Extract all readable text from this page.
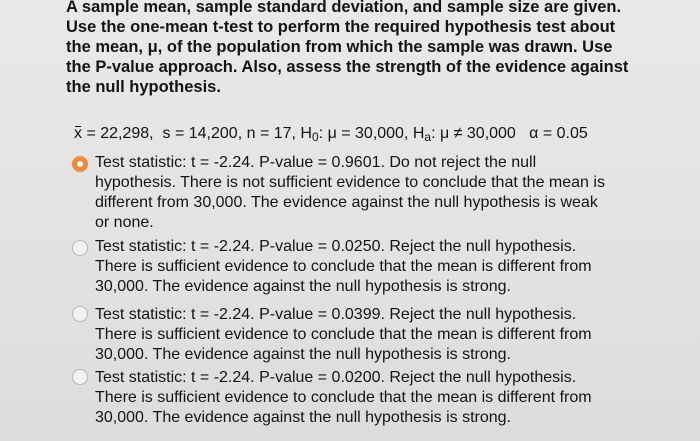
A sample mean, sample standard deviation, and sample size are given.
Use the one-mean t-test to perform the required hypothesis test about
the mean, μ, of the population from which the sample was drawn. Use
the P-value approach. Also, assess the strength of the evidence against
the null hypothesis.
x = 22,298, s = 14,200, n = 17, H0: μ = 30,000, Ha: μ ≠ 30,000 α = 0.05
Test statistic: t = -2.24. P-value = 0.9601. Do not reject the null
hypothesis. There is not sufficient evidence to conclude that the mean is
different from 30,000. The evidence against the null hypothesis is weak
or none.
Test statistic: t = -2.24. P-value = 0.0250. Reject the null hypothesis.
There is sufficient evidence to conclude that the mean is different from
30,000. The evidence against the null hypothesis is strong.
Test statistic: t = -2.24. P-value = 0.0399. Reject the null hypothesis.
There is sufficient evidence to conclude that the mean is different from
30,000. The evidence against the null hypothesis is strong.
Test statistic: t = -2.24. P-value = 0.0200. Reject the null hypothesis.
There is sufficient evidence to conclude that the mean is different from
30,000. The evidence against the null hypothesis is strong.
